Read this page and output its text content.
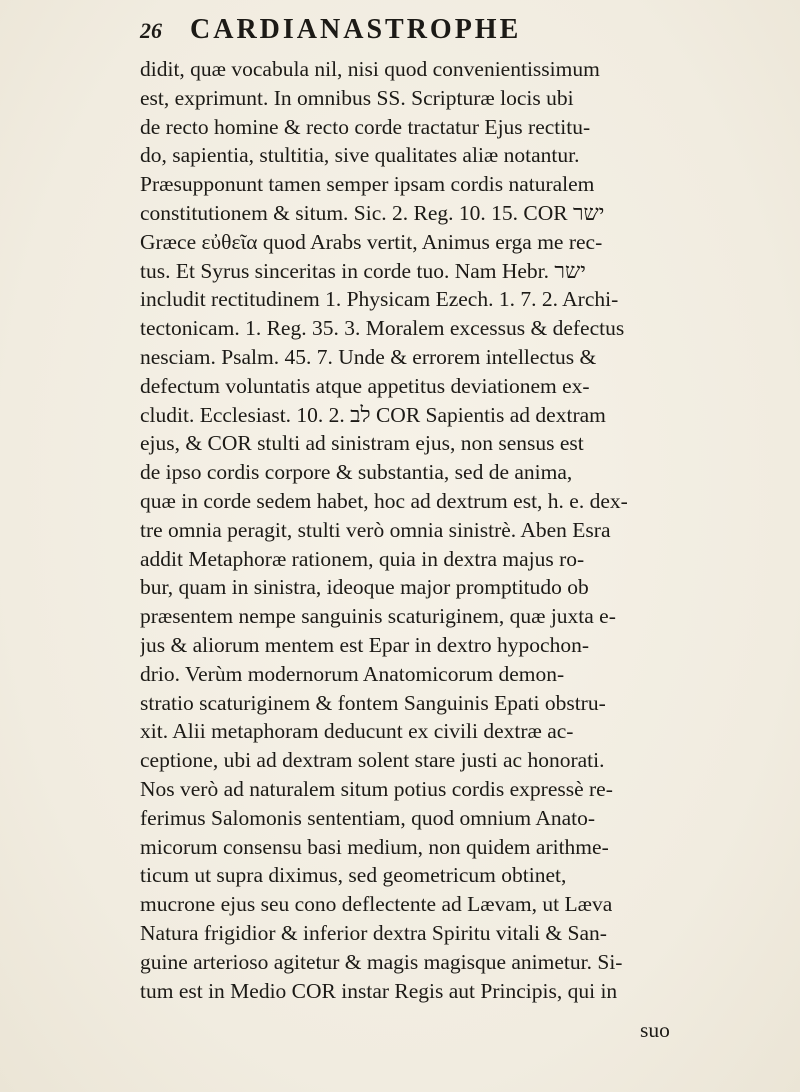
26 CARDIANASTROPHE
didit, quæ vocabula nil, nisi quod convenientissimum
est, exprimunt. In omnibus SS. Scripturæ locis ubi
de recto homine & recto corde tractatur Ejus rectitu-
do, sapientia, stultitia, sive qualitates aliæ notantur.
Præsupponunt tamen semper ipsam cordis naturalem
constitutionem & situm. Sic. 2. Reg. 10. 15. COR ישר
Græce εὐθεῖα quod Arabs vertit, Animus erga me rec-
tus. Et Syrus sinceritas in corde tuo. Nam Hebr. ישר
includit rectitudinem 1. Physicam Ezech. 1. 7. 2. Archi-
tectonicam. 1. Reg. 35. 3. Moralem excessus & defectus
nesciam. Psalm. 45. 7. Unde & errorem intellectus &
defectum voluntatis atque appetitus deviationem ex-
cludit. Ecclesiast. 10. 2. לב COR Sapientis ad dextram
ejus, & COR stulti ad sinistram ejus, non sensus est
de ipso cordis corpore & substantia, sed de anima,
quæ in corde sedem habet, hoc ad dextrum est, h. e. dex-
tre omnia peragit, stulti verò omnia sinistrè. Aben Esra
addit Metaphoræ rationem, quia in dextra majus ro-
bur, quam in sinistra, ideoque major promptitudo ob
præsentem nempe sanguinis scaturiginem, quæ juxta e-
jus & aliorum mentem est Epar in dextro hypochon-
drio. Verùm modernorum Anatomicorum demon-
stratio scaturiginem & fontem Sanguinis Epati obstru-
xit. Alii metaphoram deducunt ex civili dextræ ac-
ceptione, ubi ad dextram solent stare justi ac honorati.
Nos verò ad naturalem situm potius cordis expressè re-
ferimus Salomonis sententiam, quod omnium Anato-
micorum consensu basi medium, non quidem arithme-
ticum ut supra diximus, sed geometricum obtinet,
mucrone ejus seu cono deflectente ad Lævam, ut Læva
Natura frigidior & inferior dextra Spiritu vitali & San-
guine arteriosо agitetur & magis magisque animetur. Si-
tum est in Medio COR instar Regis aut Principis, qui in
suo
